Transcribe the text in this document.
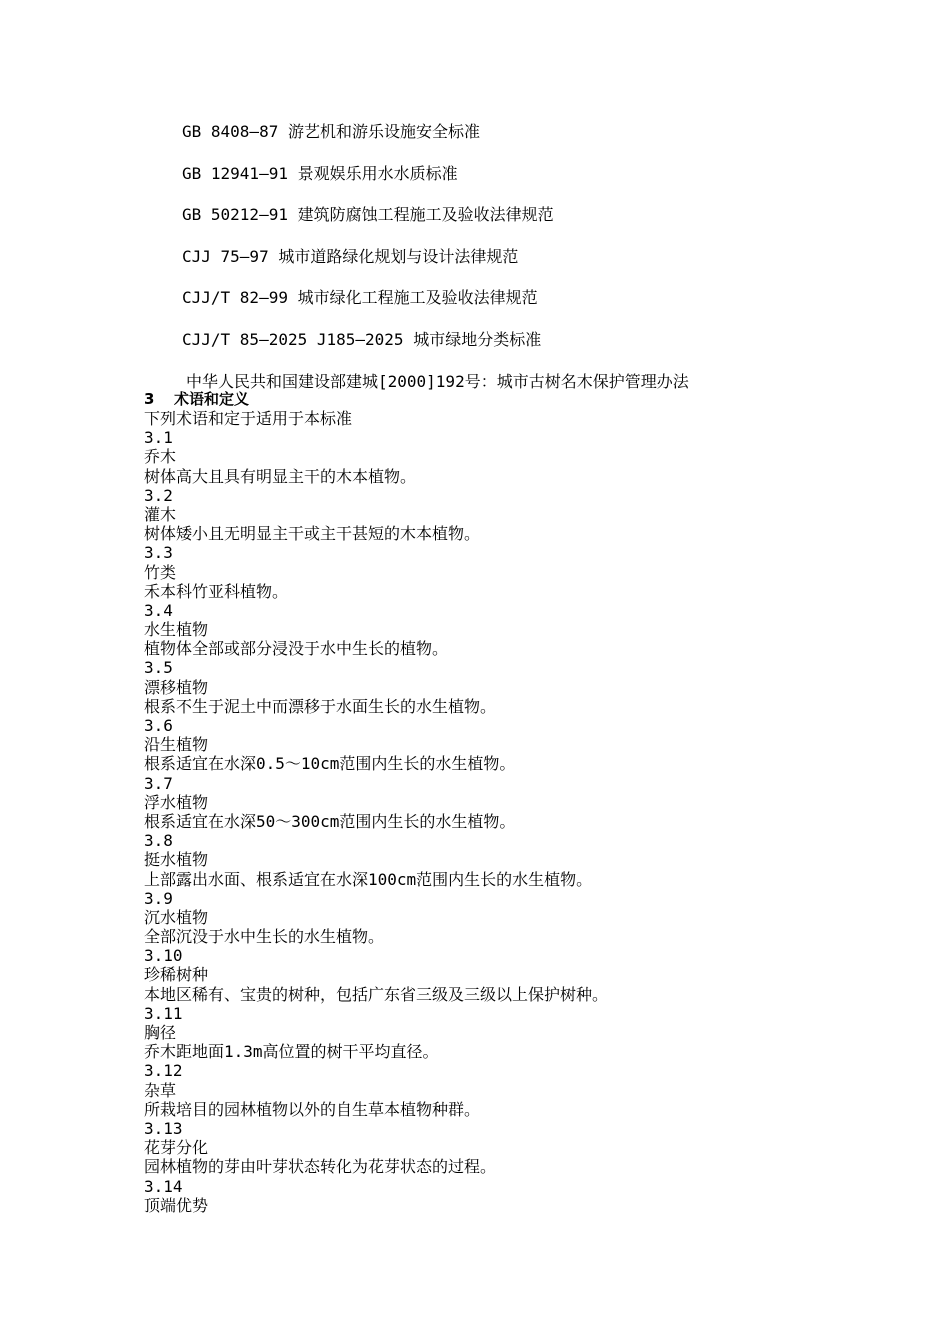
GB 8408—87 游艺机和游乐设施安全标准
GB 12941—91 景观娱乐用水水质标准
GB 50212—91 建筑防腐蚀工程施工及验收法律规范
CJJ 75—97 城市道路绿化规划与设计法律规范
CJJ/T 82—99 城市绿化工程施工及验收法律规范
CJJ/T 85—2025 J185—2025 城市绿地分类标准
中华人民共和国建设部建城[2000]192号：城市古树名木保护管理办法
3 术语和定义
下列术语和定于适用于本标准
3.1
乔木
树体高大且具有明显主干的木本植物。
3.2
灌木
树体矮小且无明显主干或主干甚短的木本植物。
3.3
竹类
禾本科竹亚科植物。
3.4
水生植物
植物体全部或部分浸没于水中生长的植物。
3.5
漂移植物
根系不生于泥土中而漂移于水面生长的水生植物。
3.6
沿生植物
根系适宜在水深0.5～10cm范围内生长的水生植物。
3.7
浮水植物
根系适宜在水深50～300cm范围内生长的水生植物。
3.8
挺水植物
上部露出水面、根系适宜在水深100cm范围内生长的水生植物。
3.9
沉水植物
全部沉没于水中生长的水生植物。
3.10
珍稀树种
本地区稀有、宝贵的树种，包括广东省三级及三级以上保护树种。
3.11
胸径
乔木距地面1.3m高位置的树干平均直径。
3.12
杂草
所栽培目的园林植物以外的自生草本植物种群。
3.13
花芽分化
园林植物的芽由叶芽状态转化为花芽状态的过程。
3.14
顶端优势
